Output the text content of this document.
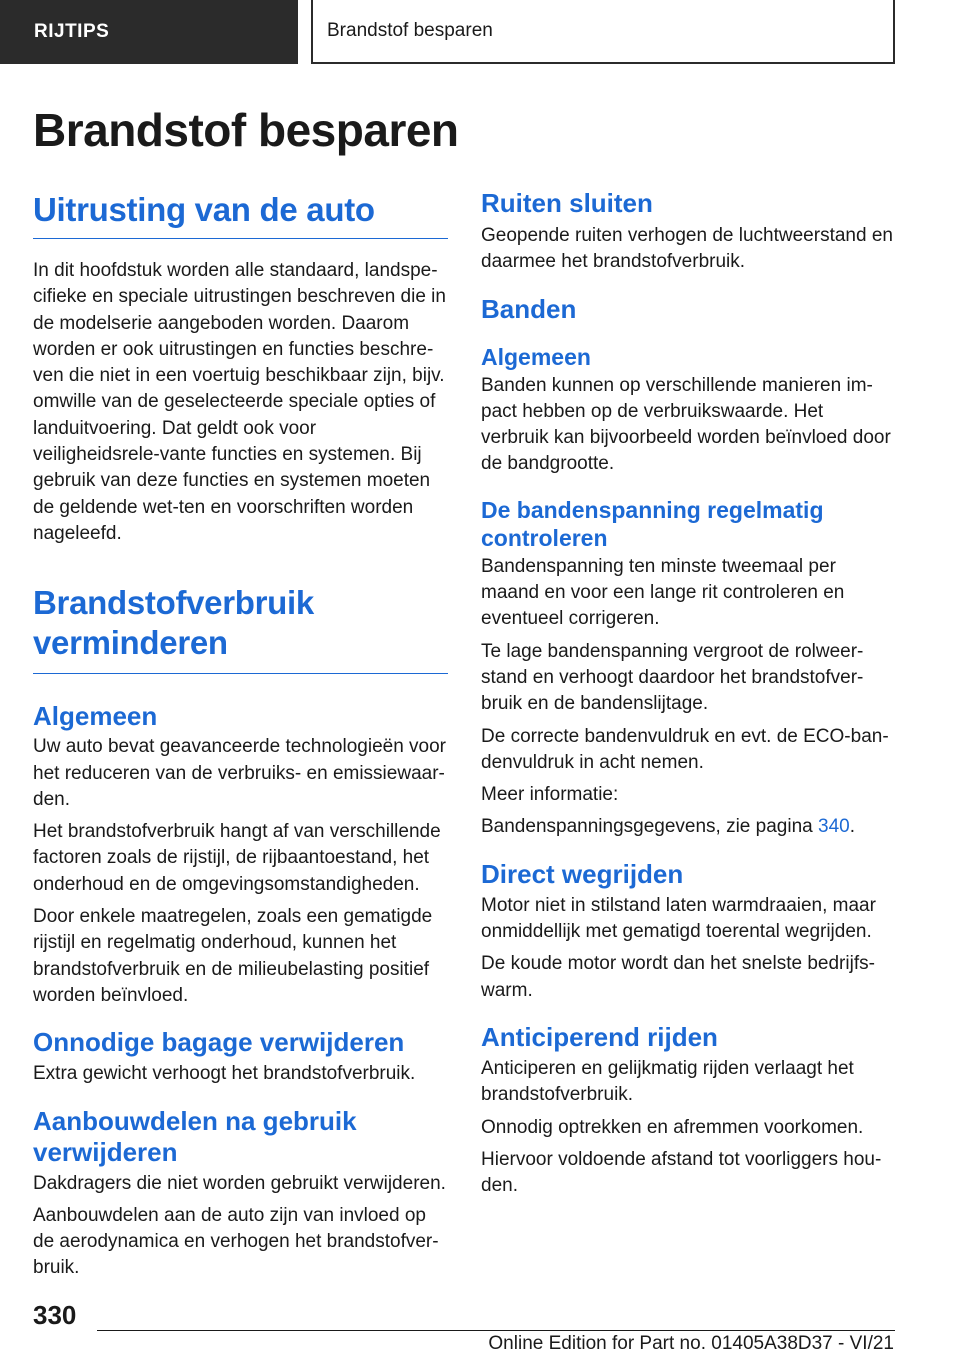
RIJTIPS	Brandstof besparen
Brandstof besparen
Uitrusting van de auto

In dit hoofdstuk worden alle standaard, landspe-cifieke en speciale uitrustingen beschreven die in de modelserie aangeboden worden. Daarom worden er ook uitrustingen en functies beschre-ven die niet in een voertuig beschikbaar zijn, bijv. omwille van de geselecteerde speciale opties of landuitvoering. Dat geldt ook voor veiligheidsrele-vante functies en systemen. Bij gebruik van deze functies en systemen moeten de geldende wet-ten en voorschriften worden nageleefd.

Brandstofverbruik verminderen
Algemeen

Uw auto bevat geavanceerde technologieën voor het reduceren van de verbruiks- en emissiewaar-den.

Het brandstofverbruik hangt af van verschillende factoren zoals de rijstijl, de rijbaantoestand, het onderhoud en de omgevingsomstandigheden.

Door enkele maatregelen, zoals een gematigde rijstijl en regelmatig onderhoud, kunnen het brandstofverbruik en de milieubelasting positief worden beïnvloed.

Onnodige bagage verwijderen

Extra gewicht verhoogt het brandstofverbruik.

Aanbouwdelen na gebruik verwijderen

Dakdragers die niet worden gebruikt verwijderen.

Aanbouwdelen aan de auto zijn van invloed op de aerodynamica en verhogen het brandstofver-bruik.

Ruiten sluiten

Geopende ruiten verhogen de luchtweerstand en daarmee het brandstofverbruik.

Banden
Algemeen

Banden kunnen op verschillende manieren im-pact hebben op de verbruikswaarde. Het verbruik kan bijvoorbeeld worden beïnvloed door de bandgrootte.

De bandenspanning regelmatig controleren

Bandenspanning ten minste tweemaal per maand en voor een lange rit controleren en eventueel corrigeren.

Te lage bandenspanning vergroot de rolweer-stand en verhoogt daardoor het brandstofver-bruik en de bandenslijtage.

De correcte bandenvuldruk en evt. de ECO-ban-denvuldruk in acht nemen.

Meer informatie:

Bandenspanningsgegevens, zie pagina 340.

Direct wegrijden

Motor niet in stilstand laten warmdraaien, maar onmiddellijk met gematigd toerental wegrijden.

De koude motor wordt dan het snelste bedrijfs-warm.

Anticiperend rijden

Anticiperen en gelijkmatig rijden verlaagt het brandstofverbruik.

Onnodig optrekken en afremmen voorkomen.

Hiervoor voldoende afstand tot voorliggers hou-den.

330
Online Edition for Part no. 01405A38D37 - VI/21
